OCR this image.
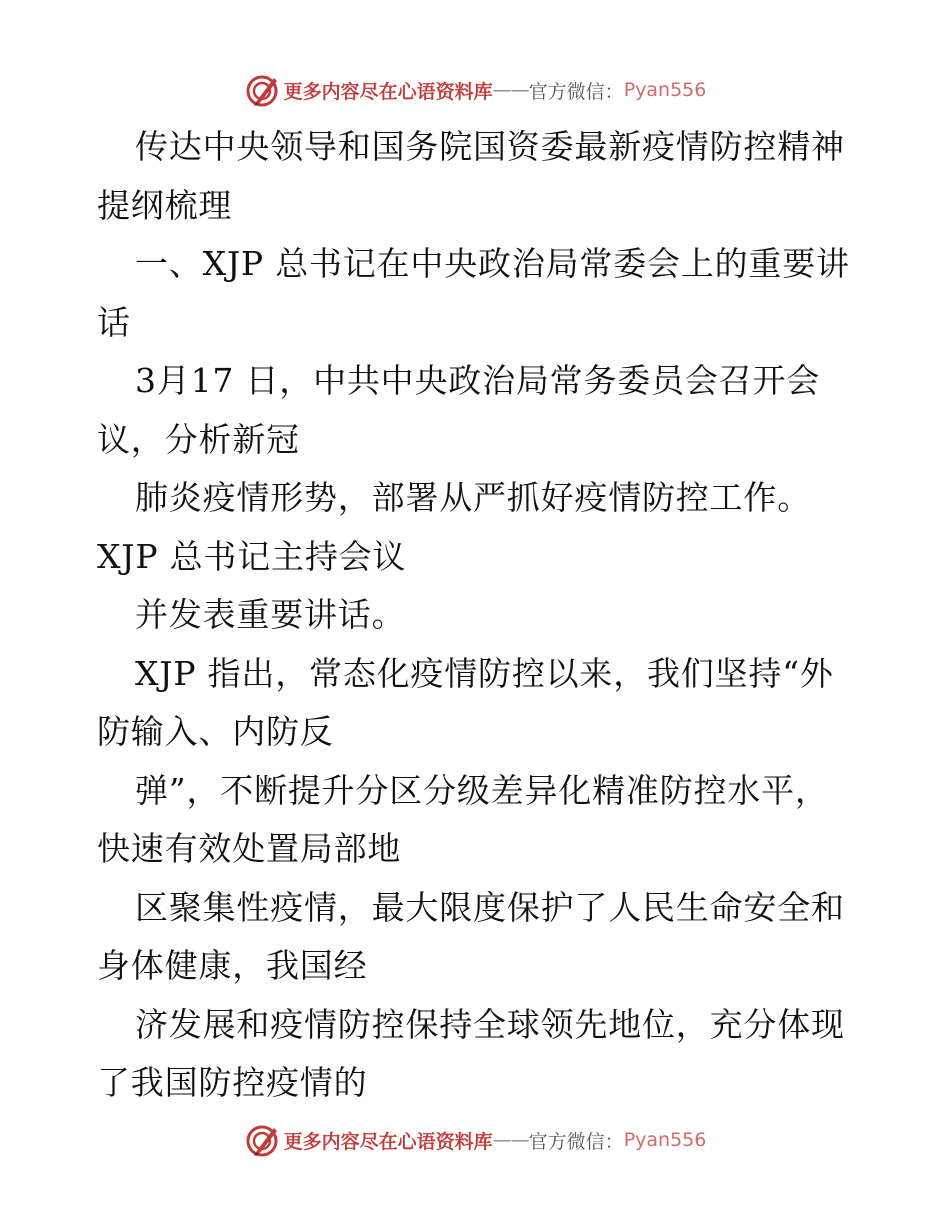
更多内容尽在心语资料库 —— 官方微信： Pyan556
传达中央领导和国务院国资委最新疫情防控精神
提纲梳理
一、XJP 总书记在中央政治局常委会上的重要讲
话
3月17 日，中共中央政治局常务委员会召开会
议，分析新冠
肺炎疫情形势，部署从严抓好疫情防控工作。
XJP 总书记主持会议
并发表重要讲话。
XJP 指出，常态化疫情防控以来，我们坚持“外
防输入、内防反
弹”，不断提升分区分级差异化精准防控水平，
快速有效处置局部地
区聚集性疫情，最大限度保护了人民生命安全和
身体健康，我国经
济发展和疫情防控保持全球领先地位，充分体现
了我国防控疫情的
更多内容尽在心语资料库 —— 官方微信： Pyan556
